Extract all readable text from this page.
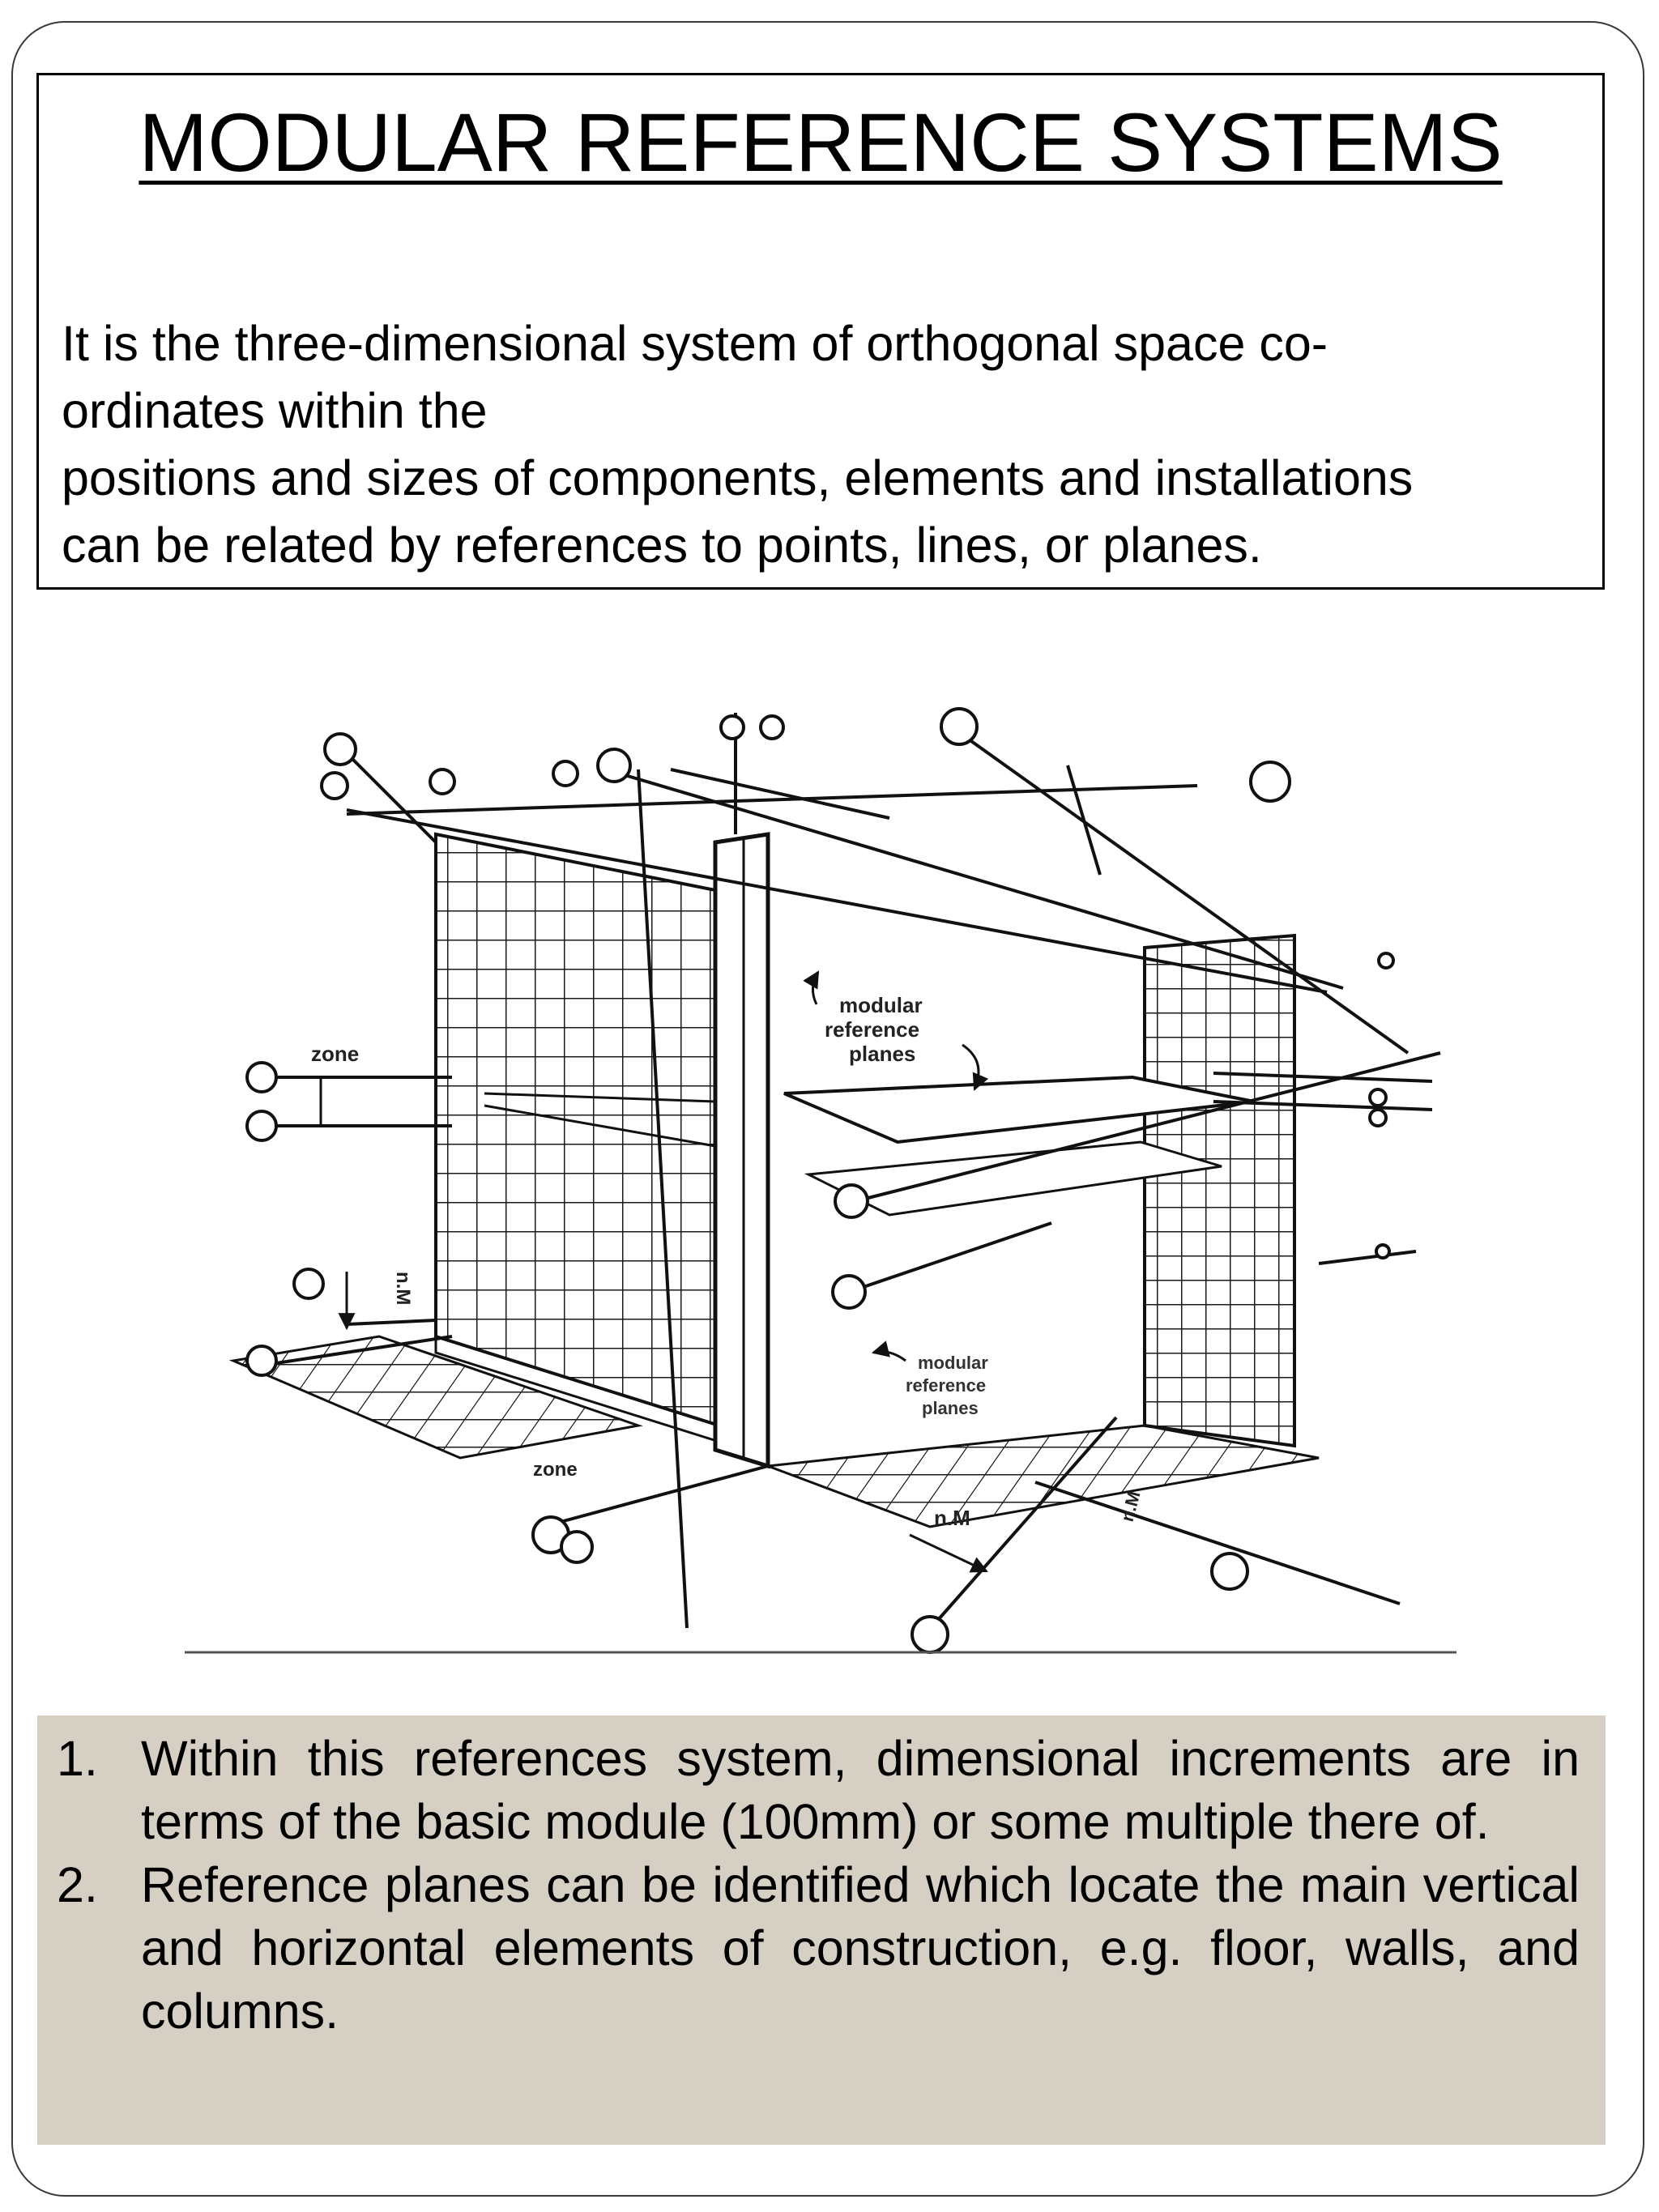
MODULAR REFERENCE SYSTEMS

It is the three-dimensional system of orthogonal space co-
ordinates within the
positions and sizes of components, elements and installations
can be related by references to points, lines, or planes.

zone
zone
n.M
n.M	n.M
modular
reference
planes
modular
reference
planes
1. Within this references system, dimensional increments are in terms of the basic module (100mm) or some multiple there of.
2. Reference planes can be identified which locate the main vertical and horizontal elements of construction, e.g. floor, walls, and columns.
